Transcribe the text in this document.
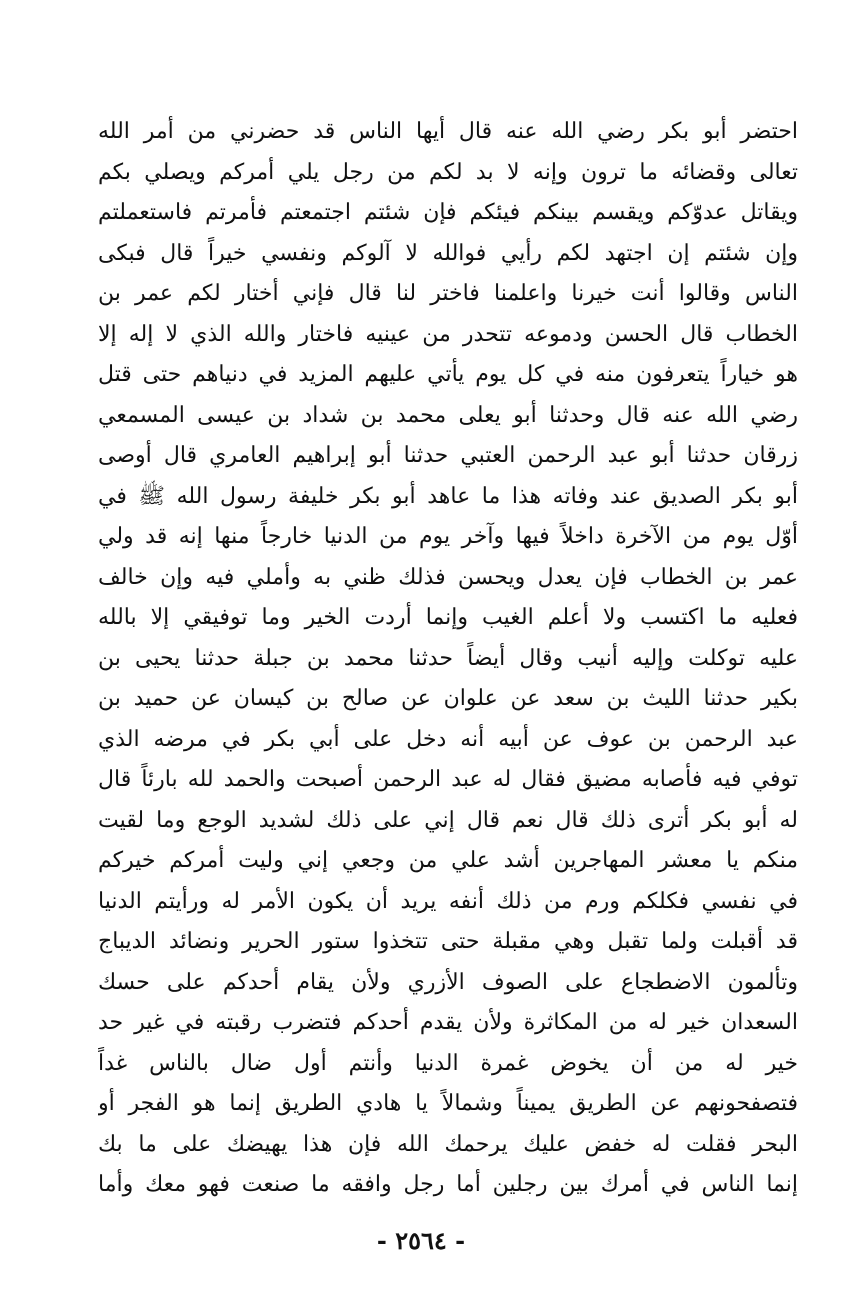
احتضر أبو بكر رضي الله عنه قال أيها الناس قد حضرني من أمر الله
تعالى وقضائه ما ترون وإنه لا بد لكم من رجل يلي أمركم ويصلي بكم
ويقاتل عدوّكم ويقسم بينكم فيئكم فإن شئتم اجتمعتم فأمرتم فاستعملتم
وإن شئتم إن اجتهد لكم رأيي فوالله لا آلوكم ونفسي خيراً قال فبكى
الناس وقالوا أنت خيرنا واعلمنا فاختر لنا قال فإني أختار لكم عمر بن
الخطاب قال الحسن ودموعه تتحدر من عينيه فاختار والله الذي لا إله إلا
هو خياراً يتعرفون منه في كل يوم يأتي عليهم المزيد في دنياهم حتى قتل
رضي الله عنه قال وحدثنا أبو يعلى محمد بن شداد بن عيسى المسمعي
زرقان حدثنا أبو عبد الرحمن العتبي حدثنا أبو إبراهيم العامري قال أوصى
أبو بكر الصديق عند وفاته هذا ما عاهد أبو بكر خليفة رسول الله ﷺ في
أوّل يوم من الآخرة داخلاً فيها وآخر يوم من الدنيا خارجاً منها إنه قد ولي
عمر بن الخطاب فإن يعدل ويحسن فذلك ظني به وأملي فيه وإن خالف
فعليه ما اكتسب ولا أعلم الغيب وإنما أردت الخير وما توفيقي إلا بالله
عليه توكلت وإليه أنيب وقال أيضاً حدثنا محمد بن جبلة حدثنا يحيى بن
بكير حدثنا الليث بن سعد عن علوان عن صالح بن كيسان عن حميد بن
عبد الرحمن بن عوف عن أبيه أنه دخل على أبي بكر في مرضه الذي
توفي فيه فأصابه مضيق فقال له عبد الرحمن أصبحت والحمد لله بارئاً قال
له أبو بكر أترى ذلك قال نعم قال إني على ذلك لشديد الوجع وما لقيت
منكم يا معشر المهاجرين أشد علي من وجعي إني وليت أمركم خيركم
في نفسي فكلكم ورم من ذلك أنفه يريد أن يكون الأمر له ورأيتم الدنيا
قد أقبلت ولما تقبل وهي مقبلة حتى تتخذوا ستور الحرير ونضائد الديباج
وتألمون الاضطجاع على الصوف الأزري ولأن يقام أحدكم على حسك
السعدان خير له من المكاثرة ولأن يقدم أحدكم فتضرب رقبته في غير حد
خير له من أن يخوض غمرة الدنيا وأنتم أول ضال بالناس غداً
فتصفحونهم عن الطريق يميناً وشمالاً يا هادي الطريق إنما هو الفجر أو
البحر فقلت له خفض عليك يرحمك الله فإن هذا يهيضك على ما بك
إنما الناس في أمرك بين رجلين أما رجل وافقه ما صنعت فهو معك وأما
- ٢٥٦٤ -
